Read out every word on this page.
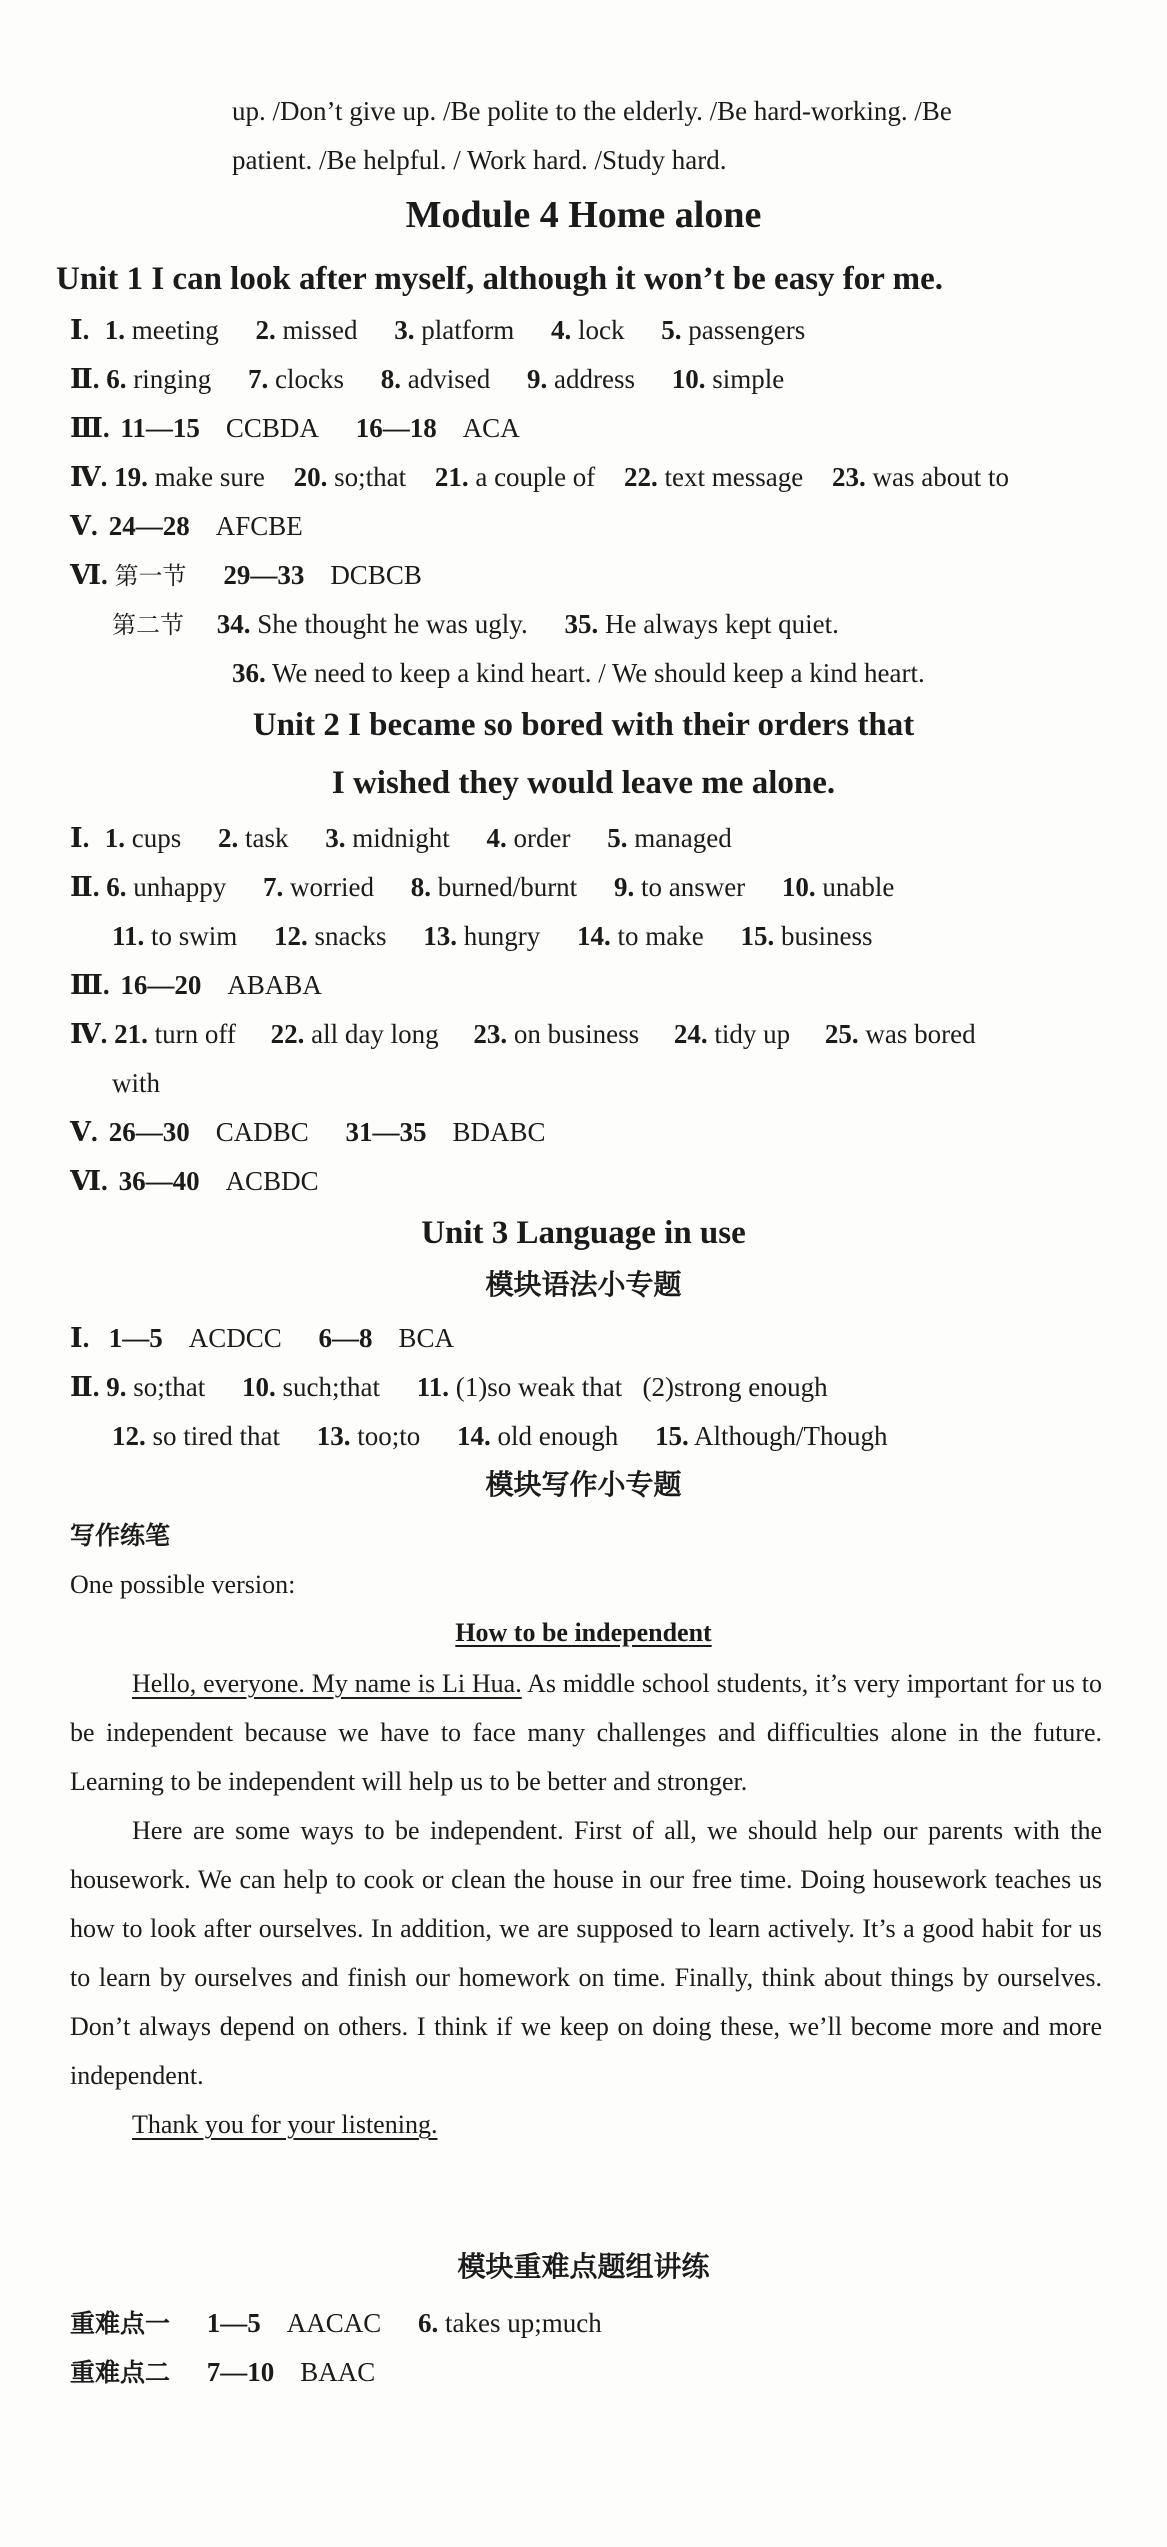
up. /Don’t give up. /Be polite to the elderly. /Be hard-working. /Be
patient. /Be helpful. / Work hard. /Study hard.
Module 4 Home alone
Unit 1 I can look after myself, although it won’t be easy for me.
Ⅰ. 1. meeting 2. missed 3. platform 4. lock 5. passengers
Ⅱ. 6. ringing 7. clocks 8. advised 9. address 10. simple
Ⅲ. 11—15 CCBDA 16—18 ACA
Ⅳ. 19. make sure 20. so;that 21. a couple of 22. text message 23. was about to
Ⅴ. 24—28 AFCBE
Ⅵ. 第一节 29—33 DCBCB
第二节 34. She thought he was ugly. 35. He always kept quiet.
36. We need to keep a kind heart. / We should keep a kind heart.
Unit 2 I became so bored with their orders that
I wished they would leave me alone.
Ⅰ. 1. cups 2. task 3. midnight 4. order 5. managed
Ⅱ. 6. unhappy 7. worried 8. burned/burnt 9. to answer 10. unable
11. to swim 12. snacks 13. hungry 14. to make 15. business
Ⅲ. 16—20 ABABA
Ⅳ. 21. turn off 22. all day long 23. on business 24. tidy up 25. was bored
with
Ⅴ. 26—30 CADBC 31—35 BDABC
Ⅵ. 36—40 ACBDC
Unit 3 Language in use
模块语法小专题
Ⅰ. 1—5 ACDCC 6—8 BCA
Ⅱ. 9. so;that 10. such;that 11. (1)so weak that   (2)strong enough
12. so tired that 13. too;to 14. old enough 15. Although/Though
模块写作小专题
写作练笔
One possible version:
How to be independent

Hello, everyone. My name is Li Hua. As middle school students, it’s very important for us to be independent because we have to face many challenges and difficulties alone in the future. Learning to be independent will help us to be better and stronger.

Here are some ways to be independent. First of all, we should help our parents with the housework. We can help to cook or clean the house in our free time. Doing housework teaches us how to look after ourselves. In addition, we are supposed to learn actively. It’s a good habit for us to learn by ourselves and finish our homework on time. Finally, think about things by ourselves. Don’t always depend on others. I think if we keep on doing these, we’ll become more and more independent.

Thank you for your listening.

模块重难点题组讲练
重难点一 1—5 AACAC 6. takes up;much
重难点二 7—10 BAAC
